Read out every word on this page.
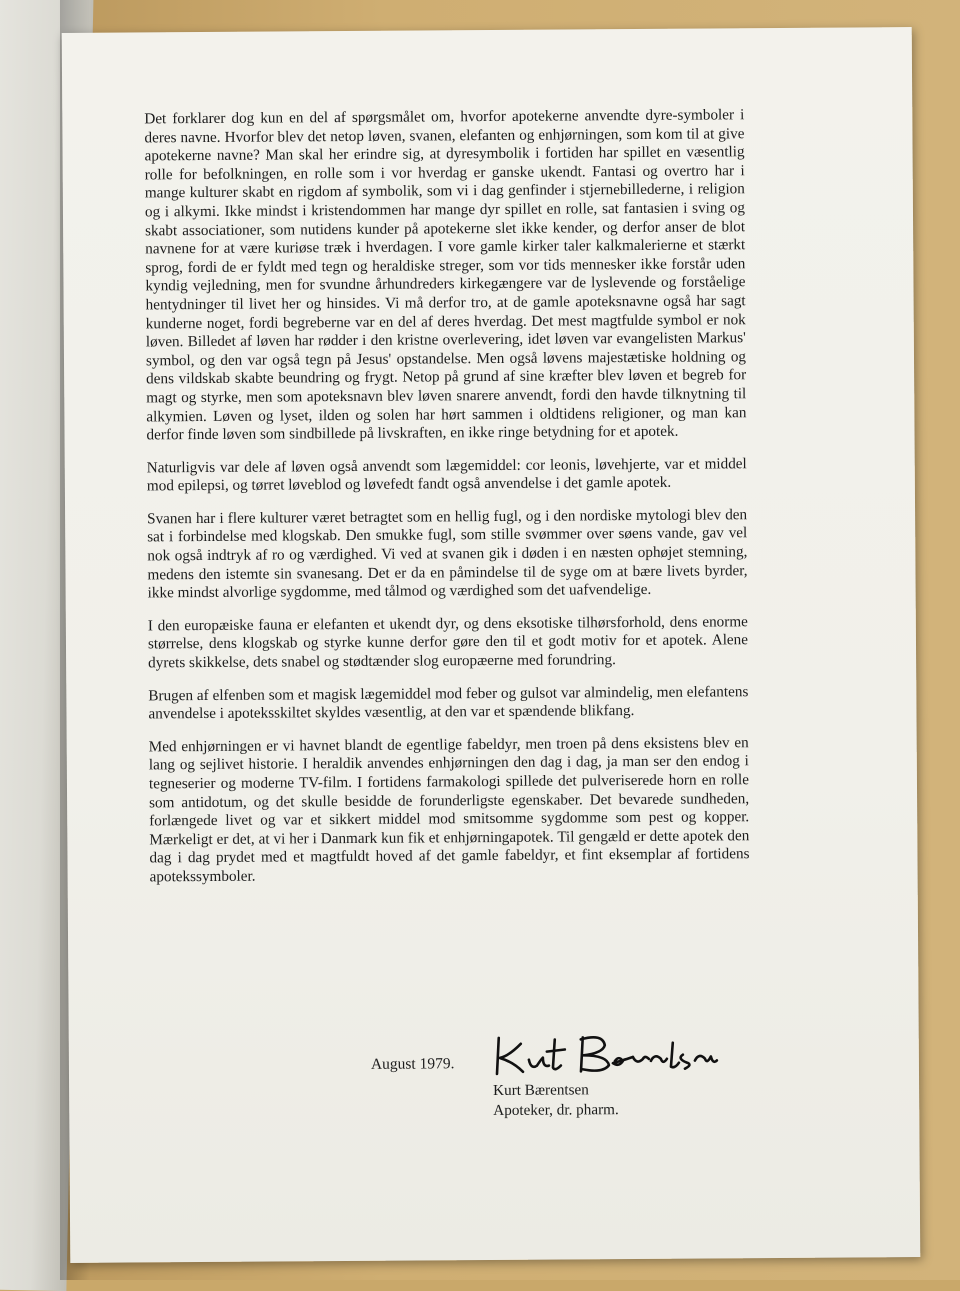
Det forklarer dog kun en del af spørgsmålet om, hvorfor apotekerne anvendte dyre-symboler i deres navne. Hvorfor blev det netop løven, svanen, elefanten og enhjørningen, som kom til at give apotekerne navne? Man skal her erindre sig, at dyresymbolik i fortiden har spillet en væsentlig rolle for befolkningen, en rolle som i vor hverdag er ganske ukendt. Fantasi og overtro har i mange kulturer skabt en rigdom af symbolik, som vi i dag genfinder i stjernebillederne, i religion og i alkymi. Ikke mindst i kristendommen har mange dyr spillet en rolle, sat fantasien i sving og skabt associationer, som nutidens kunder på apotekerne slet ikke kender, og derfor anser de blot navnene for at være kuriøse træk i hverdagen. I vore gamle kirker taler kalkmalerierne et stærkt sprog, fordi de er fyldt med tegn og heraldiske streger, som vor tids mennesker ikke forstår uden kyndig vejledning, men for svundne århundreders kirkegængere var de lyslevende og forståelige hentydninger til livet her og hinsides. Vi må derfor tro, at de gamle apoteksnavne også har sagt kunderne noget, fordi begreberne var en del af deres hverdag. Det mest magtfulde symbol er nok løven. Billedet af løven har rødder i den kristne overlevering, idet løven var evangelisten Markus' symbol, og den var også tegn på Jesus' opstandelse. Men også løvens majestætiske holdning og dens vildskab skabte beundring og frygt. Netop på grund af sine kræfter blev løven et begreb for magt og styrke, men som apoteksnavn blev løven snarere anvendt, fordi den havde tilknytning til alkymien. Løven og lyset, ilden og solen har hørt sammen i oldtidens religioner, og man kan derfor finde løven som sindbillede på livskraften, en ikke ringe betydning for et apotek.

Naturligvis var dele af løven også anvendt som lægemiddel: cor leonis, løvehjerte, var et middel mod epilepsi, og tørret løveblod og løvefedt fandt også anvendelse i det gamle apotek.

Svanen har i flere kulturer været betragtet som en hellig fugl, og i den nordiske mytologi blev den sat i forbindelse med klogskab. Den smukke fugl, som stille svømmer over søens vande, gav vel nok også indtryk af ro og værdighed. Vi ved at svanen gik i døden i en næsten ophøjet stemning, medens den istemte sin svanesang. Det er da en påmindelse til de syge om at bære livets byrder, ikke mindst alvorlige sygdomme, med tålmod og værdighed som det uafvendelige.

I den europæiske fauna er elefanten et ukendt dyr, og dens eksotiske tilhørsforhold, dens enorme størrelse, dens klogskab og styrke kunne derfor gøre den til et godt motiv for et apotek. Alene dyrets skikkelse, dets snabel og stødtænder slog europæerne med forundring.

Brugen af elfenben som et magisk lægemiddel mod feber og gulsot var almindelig, men elefantens anvendelse i apoteksskiltet skyldes væsentlig, at den var et spændende blikfang.

Med enhjørningen er vi havnet blandt de egentlige fabeldyr, men troen på dens eksistens blev en lang og sejlivet historie. I heraldik anvendes enhjørningen den dag i dag, ja man ser den endog i tegneserier og moderne TV-film. I fortidens farmakologi spillede det pulveriserede horn en rolle som antidotum, og det skulle besidde de forunderligste egenskaber. Det bevarede sundheden, forlængede livet og var et sikkert middel mod smitsomme sygdomme som pest og kopper. Mærkeligt er det, at vi her i Danmark kun fik et enhjørningapotek. Til gengæld er dette apotek den dag i dag prydet med et magtfuldt hoved af det gamle fabeldyr, et fint eksemplar af fortidens apotekssymboler.

August 1979.
Kurt Bærentsen
Apoteker, dr. pharm.
